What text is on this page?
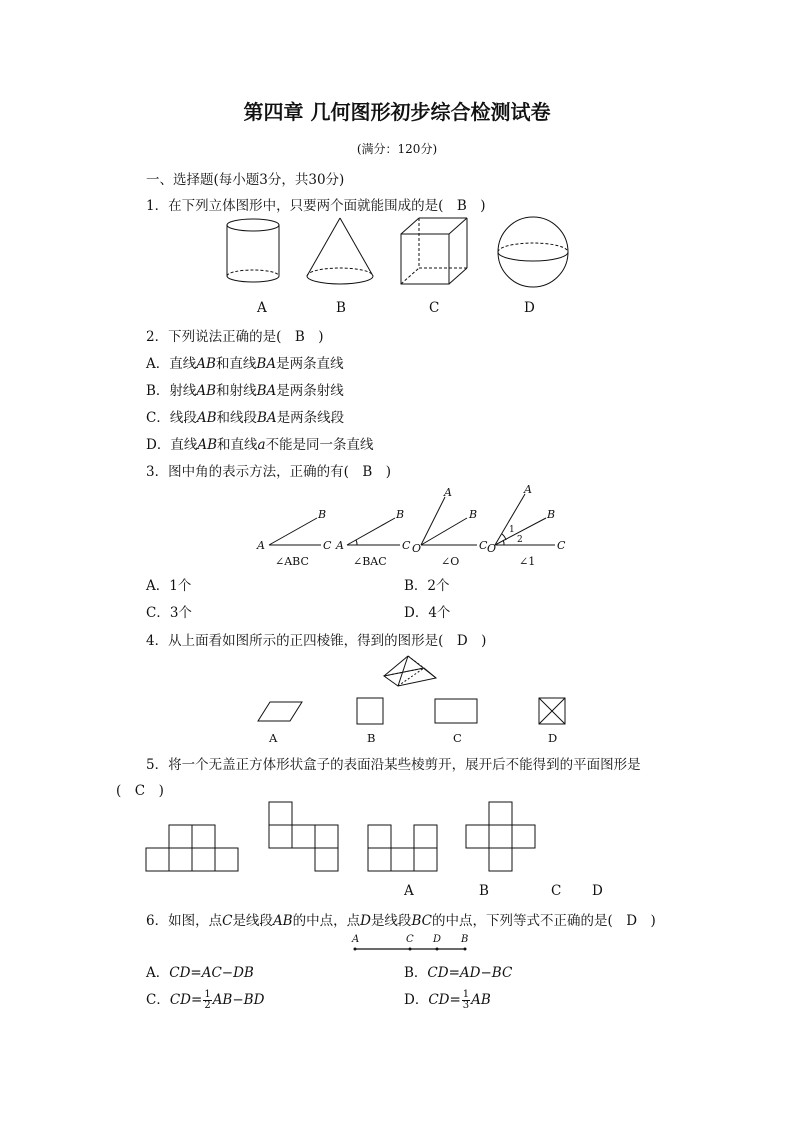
第四章 几何图形初步综合检测试卷
(满分：120分)
一、选择题(每小题3分，共30分)
1．在下列立体图形中，只要两个面就能围成的是(　B　)
A	B	C	D
2．下列说法正确的是(　B　)
A．直线AB和直线BA是两条直线
B．射线AB和射线BA是两条射线
C．线段AB和线段BA是两条线段
D．直线AB和直线a不能是同一条直线
3．图中角的表示方法，正确的有(　B　)
A
B
C A
B
C O
A
B
C O
A
B
C
1
2
∠ABC	∠BAC	∠O	∠1
A．1个	B．2个
C．3个	D．4个
4．从上面看如图所示的正四棱锥，得到的图形是(　D　)
A	B	C	D
5．将一个无盖正方体形状盒子的表面沿某些棱剪开，展开后不能得到的平面图形是
(　C　)
A	B	C D
6．如图，点C是线段AB的中点，点D是线段BC的中点，下列等式不正确的是(　D　)
A	C D B
A．CD=AC−DB	B．CD=AD−BC
C．$CD= \frac{1}{2} AB-BD$	D．$CD= \frac{1}{3}$ AB
